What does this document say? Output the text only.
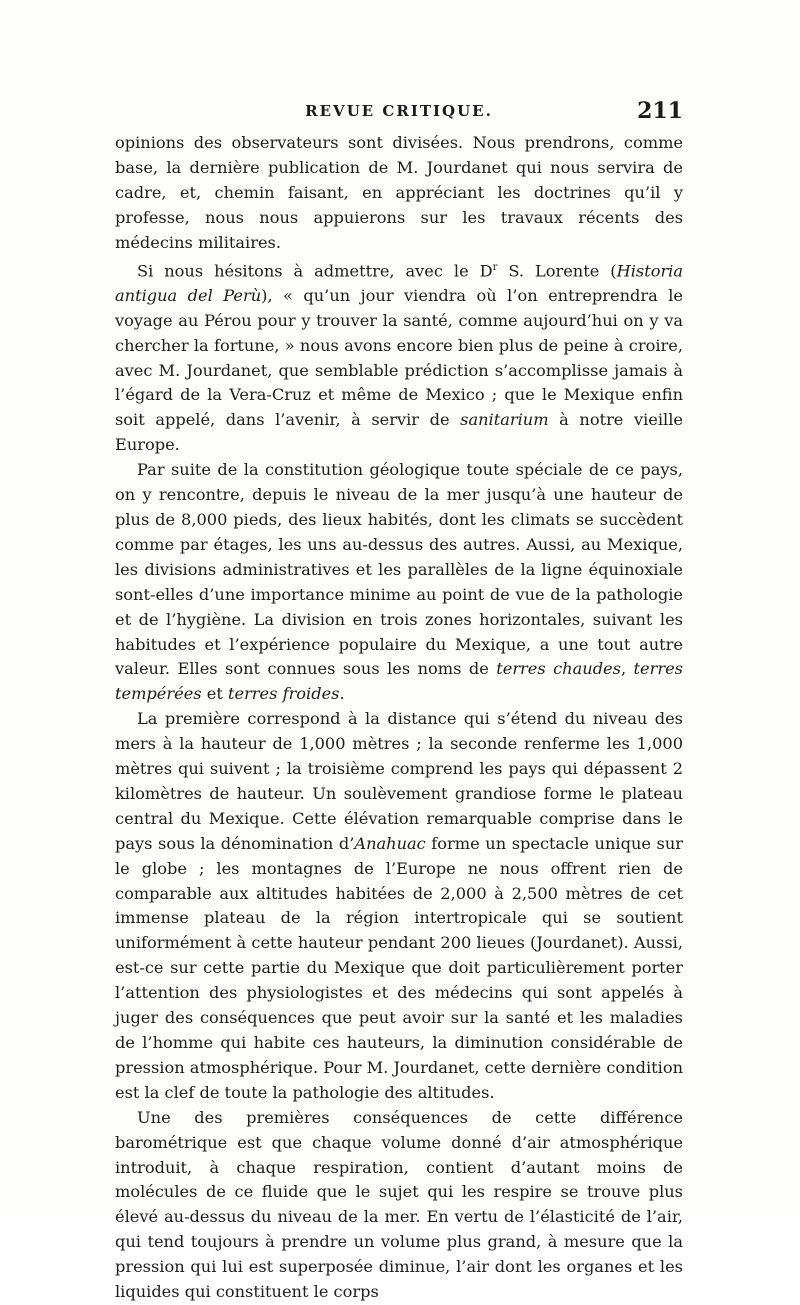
REVUE CRITIQUE.	211

opinions des observateurs sont divisées. Nous prendrons, comme base, la dernière publication de M. Jourdanet qui nous servira de cadre, et, chemin faisant, en appréciant les doctrines qu’il y professe, nous nous appuierons sur les travaux récents des médecins militaires.

Si nous hésitons à admettre, avec le $D^r$ S. Lorente (Historia antigua del Perù), « qu’un jour viendra où l’on entreprendra le voyage au Pérou pour y trouver la santé, comme aujourd’hui on y va chercher la fortune, » nous avons encore bien plus de peine à croire, avec M. Jourdanet, que semblable prédiction s’accomplisse jamais à l’égard de la Vera-Cruz et même de Mexico ; que le Mexique enfin soit appelé, dans l’avenir, à servir de sanitarium à notre vieille Europe.

Par suite de la constitution géologique toute spéciale de ce pays, on y rencontre, depuis le niveau de la mer jusqu’à une hauteur de plus de 8,000 pieds, des lieux habités, dont les climats se succèdent comme par étages, les uns au-dessus des autres. Aussi, au Mexique, les divisions administratives et les parallèles de la ligne équinoxiale sont-elles d’une importance minime au point de vue de la pathologie et de l’hygiène. La division en trois zones horizontales, suivant les habitudes et l’expérience populaire du Mexique, a une tout autre valeur. Elles sont connues sous les noms de terres chaudes, terres tempérées et terres froides.

La première correspond à la distance qui s’étend du niveau des mers à la hauteur de 1,000 mètres ; la seconde renferme les 1,000 mètres qui suivent ; la troisième comprend les pays qui dépassent 2 kilomètres de hauteur. Un soulèvement grandiose forme le plateau central du Mexique. Cette élévation remarquable comprise dans le pays sous la dénomination d’Anahuac forme un spectacle unique sur le globe ; les montagnes de l’Europe ne nous offrent rien de comparable aux altitudes habitées de 2,000 à 2,500 mètres de cet immense plateau de la région intertropicale qui se soutient uniformément à cette hauteur pendant 200 lieues (Jourdanet). Aussi, est-ce sur cette partie du Mexique que doit particulièrement porter l’attention des physiologistes et des médecins qui sont appelés à juger des conséquences que peut avoir sur la santé et les maladies de l’homme qui habite ces hauteurs, la diminution considérable de pression atmosphérique. Pour M. Jourdanet, cette dernière condition est la clef de toute la pathologie des altitudes.

Une des premières conséquences de cette différence barométrique est que chaque volume donné d’air atmosphérique introduit, à chaque respiration, contient d’autant moins de molécules de ce fluide que le sujet qui les respire se trouve plus élevé au-dessus du niveau de la mer. En vertu de l’élasticité de l’air, qui tend toujours à prendre un volume plus grand, à mesure que la pression qui lui est superposée diminue, l’air dont les organes et les liquides qui constituent le corps
